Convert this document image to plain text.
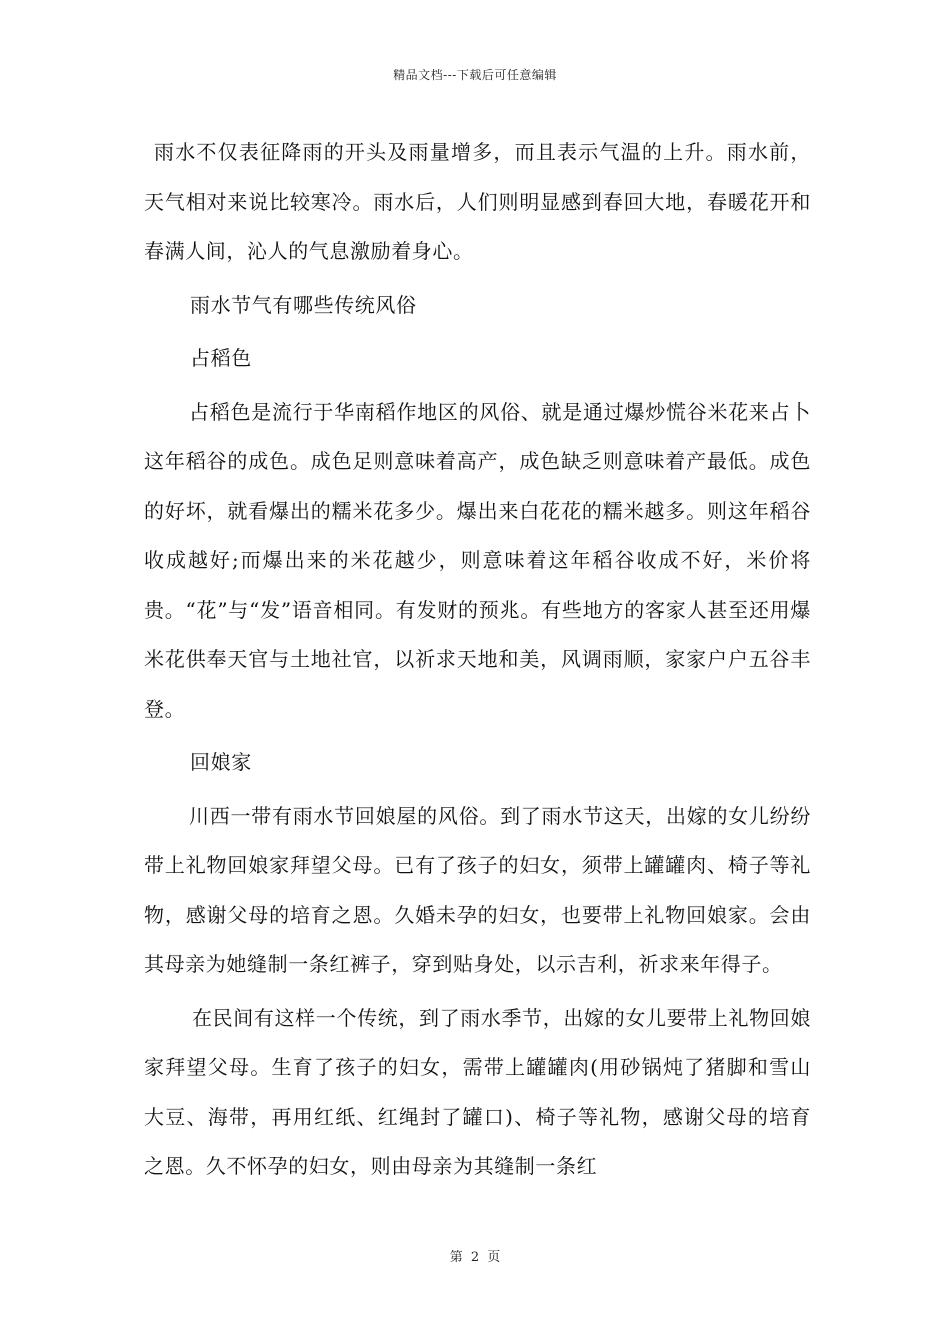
精品文档---下载后可任意编辑

雨水不仅表征降雨的开头及雨量增多，而且表示气温的上升。雨水前，天气相对来说比较寒冷。雨水后，人们则明显感到春回大地，春暖花开和春满人间，沁人的气息激励着身心。

雨水节气有哪些传统风俗

占稻色

占稻色是流行于华南稻作地区的风俗、就是通过爆炒慌谷米花来占卜这年稻谷的成色。成色足则意味着高产，成色缺乏则意味着产最低。成色的好坏，就看爆出的糯米花多少。爆出来白花花的糯米越多。则这年稻谷收成越好;而爆出来的米花越少，则意味着这年稻谷收成不好，米价将贵。“花”与“发”语音相同。有发财的预兆。有些地方的客家人甚至还用爆米花供奉天官与土地社官，以祈求天地和美，风调雨顺，家家户户五谷丰登。

回娘家

川西一带有雨水节回娘屋的风俗。到了雨水节这天，出嫁的女儿纷纷带上礼物回娘家拜望父母。已有了孩子的妇女，须带上罐罐肉、椅子等礼物，感谢父母的培育之恩。久婚未孕的妇女，也要带上礼物回娘家。会由其母亲为她缝制一条红裤子，穿到贴身处，以示吉利，祈求来年得子。

在民间有这样一个传统，到了雨水季节，出嫁的女儿要带上礼物回娘家拜望父母。生育了孩子的妇女，需带上罐罐肉(用砂锅炖了猪脚和雪山大豆、海带，再用红纸、红绳封了罐口)、椅子等礼物，感谢父母的培育之恩。久不怀孕的妇女，则由母亲为其缝制一条红

第 2 页
